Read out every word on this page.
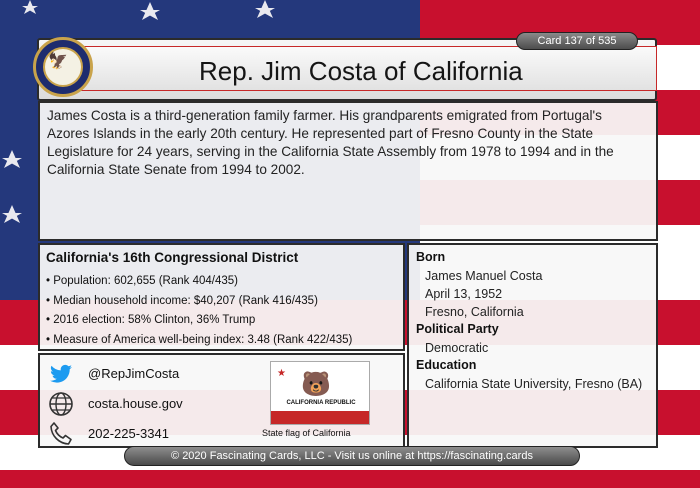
Rep. Jim Costa of California
🦅
Card 137 of 535

James Costa is a third-generation family farmer. His grandparents emigrated from Portugal's Azores Islands in the early 20th century. He represented part of Fresno County in the State Legislature for 24 years, serving in the California State Assembly from 1978 to 1994 and in the California State Senate from 1994 to 2002.

California's 16th Congressional District
• Population: 602,655 (Rank 404/435)
• Median household income: $40,207 (Rank 416/435)
• 2016 election: 58% Clinton, 36% Trump
• Measure of America well-being index: 3.48 (Rank 422/435)
@RepJimCosta
costa.house.gov
202-225-3341
★ 🐻
CALIFORNIA REPUBLIC
State flag of California
Born
James Manuel Costa
April 13, 1952
Fresno, California
Political Party
Democratic
Education
California State University, Fresno (BA)
© 2020 Fascinating Cards, LLC - Visit us online at https://fascinating.cards
